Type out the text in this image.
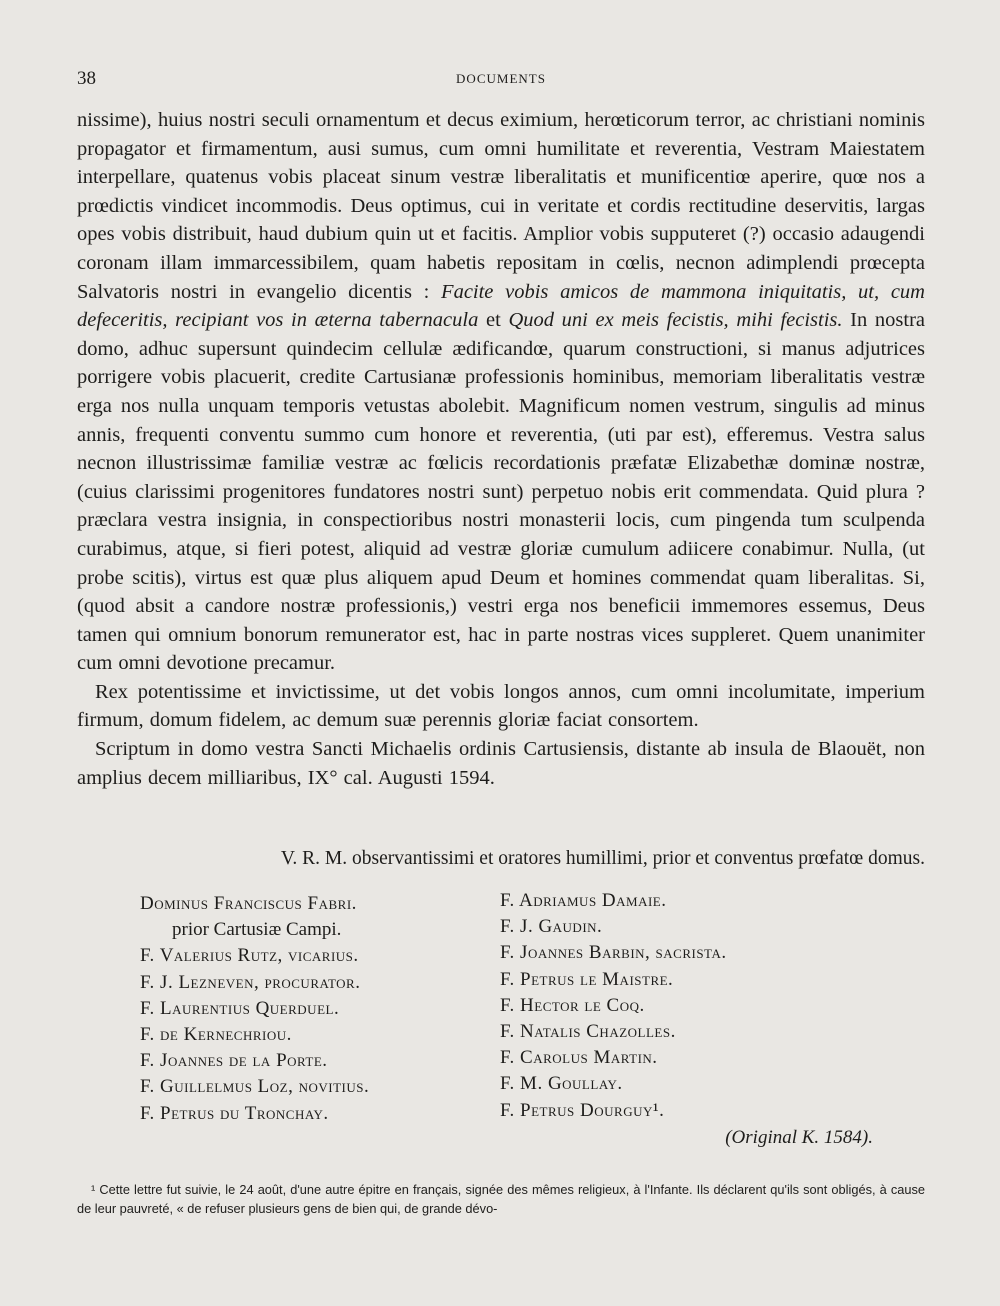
38	DOCUMENTS

nissime), huius nostri seculi ornamentum et decus eximium, herœticorum terror, ac christiani nominis propagator et firmamentum, ausi sumus, cum omni humilitate et reverentia, Vestram Maiestatem interpellare, quatenus vobis placeat sinum vestræ liberalitatis et munificentiœ aperire, quœ nos a prœdictis vindicet incommodis. Deus optimus, cui in veritate et cordis rectitudine deservitis, largas opes vobis distribuit, haud dubium quin ut et facitis. Amplior vobis supputeret (?) occasio adaugendi coronam illam immarcessibilem, quam habetis repositam in cœlis, necnon adimplendi prœcepta Salvatoris nostri in evangelio dicentis : Facite vobis amicos de mammona iniquitatis, ut, cum defeceritis, recipiant vos in æterna tabernacula et Quod uni ex meis fecistis, mihi fecistis. In nostra domo, adhuc supersunt quindecim cellulæ ædificandœ, quarum constructioni, si manus adjutrices porrigere vobis placuerit, credite Cartusianæ professionis hominibus, memoriam liberalitatis vestræ erga nos nulla unquam temporis vetustas abolebit. Magnificum nomen vestrum, singulis ad minus annis, frequenti conventu summo cum honore et reverentia, (uti par est), efferemus. Vestra salus necnon illustrissimæ familiæ vestræ ac fœlicis recordationis præfatæ Elizabethæ dominæ nostræ, (cuius clarissimi progenitores fundatores nostri sunt) perpetuo nobis erit commendata. Quid plura ? præclara vestra insignia, in conspectioribus nostri monasterii locis, cum pingenda tum sculpenda curabimus, atque, si fieri potest, aliquid ad vestræ gloriæ cumulum adiicere conabimur. Nulla, (ut probe scitis), virtus est quæ plus aliquem apud Deum et homines commendat quam liberalitas. Si, (quod absit a candore nostræ professionis,) vestri erga nos beneficii immemores essemus, Deus tamen qui omnium bonorum remunerator est, hac in parte nostras vices suppleret. Quem unanimiter cum omni devotione precamur.

Rex potentissime et invictissime, ut det vobis longos annos, cum omni incolumitate, imperium firmum, domum fidelem, ac demum suæ perennis gloriæ faciat consortem.

Scriptum in domo vestra Sancti Michaelis ordinis Cartusiensis, distante ab insula de Blaouët, non amplius decem milliaribus, IX° cal. Augusti 1594.

V. R. M. observantissimi et oratores humillimi, prior et conventus prœfatœ domus.
Dominus Franciscus Fabri.
prior Cartusiæ Campi.
F. Valerius Rutz, vicarius.
F. J. Lezneven, procurator.
F. Laurentius Querduel.
F. de Kernechriou.
F. Joannes de la Porte.
F. Guillelmus Loz, novitius.
F. Petrus du Tronchay.
F. Adriamus Damaie.
F. J. Gaudin.
F. Joannes Barbin, sacrista.
F. Petrus le Maistre.
F. Hector le Coq.
F. Natalis Chazolles.
F. Carolus Martin.
F. M. Goullay.
F. Petrus Dourguy¹.
(Original K. 1584).
¹ Cette lettre fut suivie, le 24 août, d'une autre épitre en français, signée des mêmes religieux, à l'Infante. Ils déclarent qu'ils sont obligés, à cause de leur pauvreté, « de refuser plusieurs gens de bien qui, de grande dévo-
